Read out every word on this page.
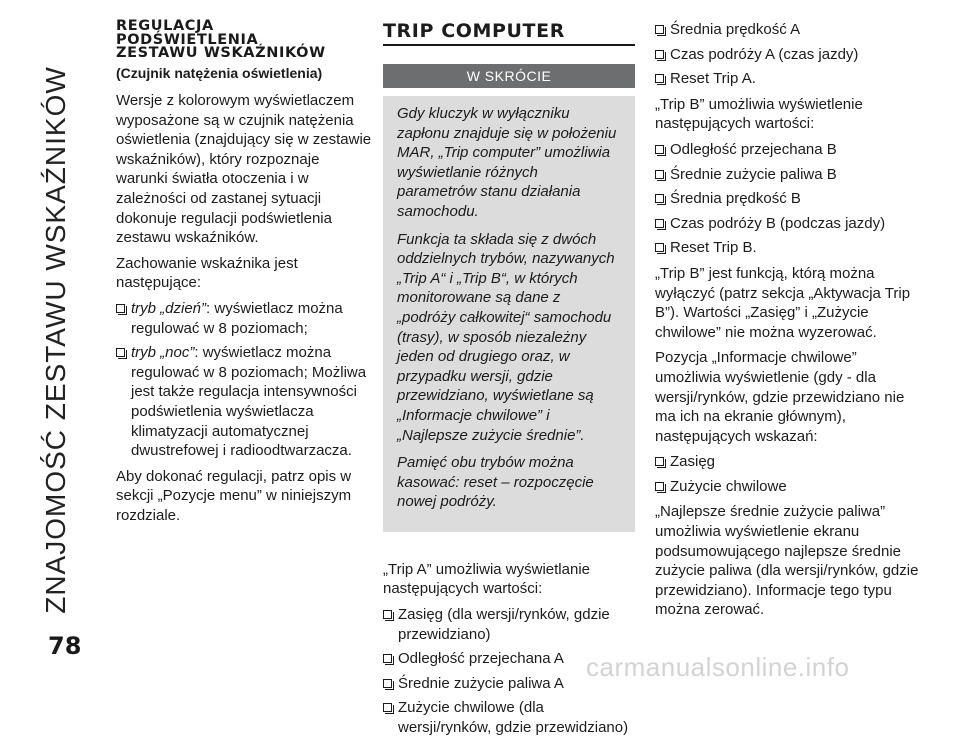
ZNAJOMOŚĆ ZESTAWU WSKAŹNIKÓW
78
carmanualsonline.info
REGULACJA
PODŚWIETLENIA
ZESTAWU WSKAŹNIKÓW
(Czujnik natężenia oświetlenia)

Wersje z kolorowym wyświetlaczem wyposażone są w czujnik natężenia oświetlenia (znajdujący się w zestawie wskaźników), który rozpoznaje warunki światła otoczenia i w zależności od zastanej sytuacji dokonuje regulacji podświetlenia zestawu wskaźników.

Zachowanie wskaźnika jest następujące:

tryb „dzień”: wyświetlacz można regulować w 8 poziomach;
tryb „noc”: wyświetlacz można regulować w 8 poziomach; Możliwa jest także regulacja intensywności podświetlenia wyświetlacza klimatyzacji automatycznej dwustrefowej i radioodtwarzacza.

Aby dokonać regulacji, patrz opis w sekcji „Pozycje menu” w niniejszym rozdziale.

TRIP COMPUTER
W SKRÓCIE

Gdy kluczyk w wyłączniku zapłonu znajduje się w położeniu MAR, „Trip computer” umożliwia wyświetlanie różnych parametrów stanu działania samochodu.

Funkcja ta składa się z dwóch oddzielnych trybów, nazywanych „Trip A“ i „Trip B“, w których monitorowane są dane z „podróży całkowitej“ samochodu (trasy), w sposób niezależny jeden od drugiego oraz, w przypadku wersji, gdzie przewidziano, wyświetlane są „Informacje chwilowe” i „Najlepsze zużycie średnie”.

Pamięć obu trybów można kasować: reset – rozpoczęcie nowej podróży.

„Trip A” umożliwia wyświetlanie następujących wartości:

Zasięg (dla wersji/rynków, gdzie przewidziano)
Odległość przejechana A
Średnie zużycie paliwa A
Zużycie chwilowe (dla wersji/rynków, gdzie przewidziano)
Średnia prędkość A
Czas podróży A (czas jazdy)
Reset Trip A.

„Trip B” umożliwia wyświetlenie następujących wartości:

Odległość przejechana B
Średnie zużycie paliwa B
Średnia prędkość B
Czas podróży B (podczas jazdy)
Reset Trip B.

„Trip B” jest funkcją, którą można wyłączyć (patrz sekcja „Aktywacja Trip B”). Wartości „Zasięg” i „Zużycie chwilowe” nie można wyzerować.

Pozycja „Informacje chwilowe” umożliwia wyświetlenie (gdy - dla wersji/rynków, gdzie przewidziano nie ma ich na ekranie głównym), następujących wskazań:

Zasięg
Zużycie chwilowe

„Najlepsze średnie zużycie paliwa” umożliwia wyświetlenie ekranu podsumowującego najlepsze średnie zużycie paliwa (dla wersji/rynków, gdzie przewidziano). Informacje tego typu można zerować.
